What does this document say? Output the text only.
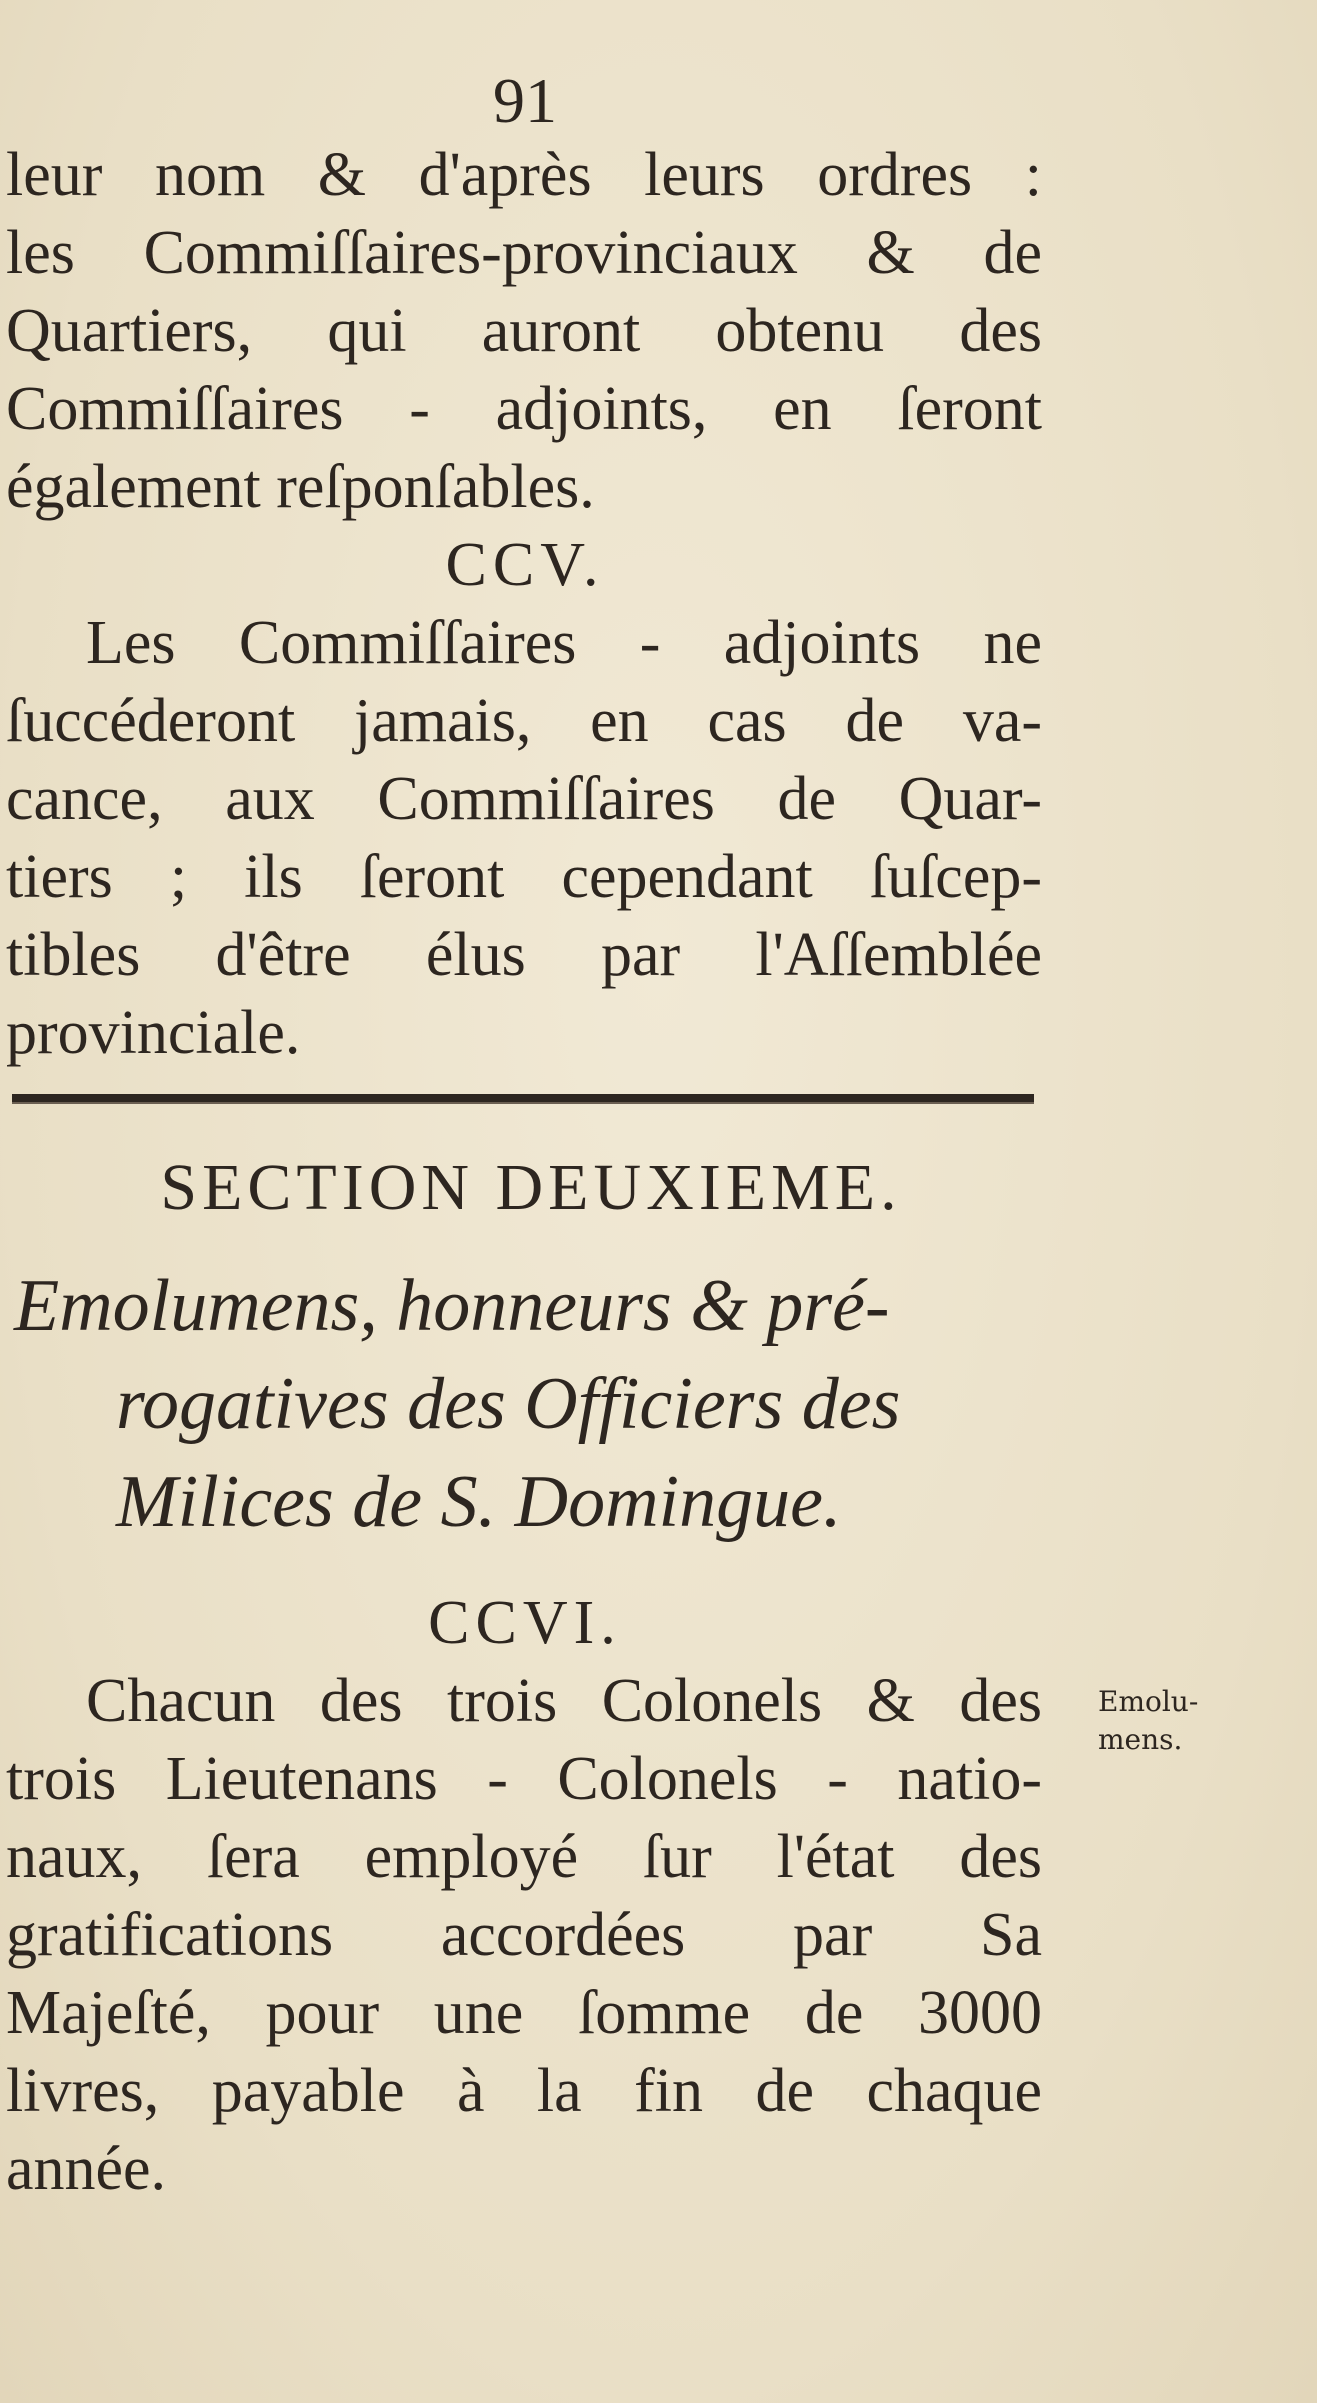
91
leur nom & d'après leurs ordres :
les Commiſſaires-provinciaux & de
Quartiers, qui auront obtenu des
Commiſſaires - adjoints, en ſeront
également reſponſables.
CCV.
Les Commiſſaires - adjoints ne
ſuccéderont jamais, en cas de va-
cance, aux Commiſſaires de Quar-
tiers ; ils ſeront cependant ſuſcep-
tibles d'être élus par l'Aſſemblée
provinciale.
SECTION DEUXIEME.
Emolumens, honneurs & pré-
rogatives des Officiers des
Milices de S. Domingue.
CCVI.
Chacun des trois Colonels & des
trois Lieutenans - Colonels - natio-
naux, ſera employé ſur l'état des
gratifications accordées par Sa
Majeſté, pour une ſomme de 3000
livres, payable à la fin de chaque
année.
Emolu-
mens.
